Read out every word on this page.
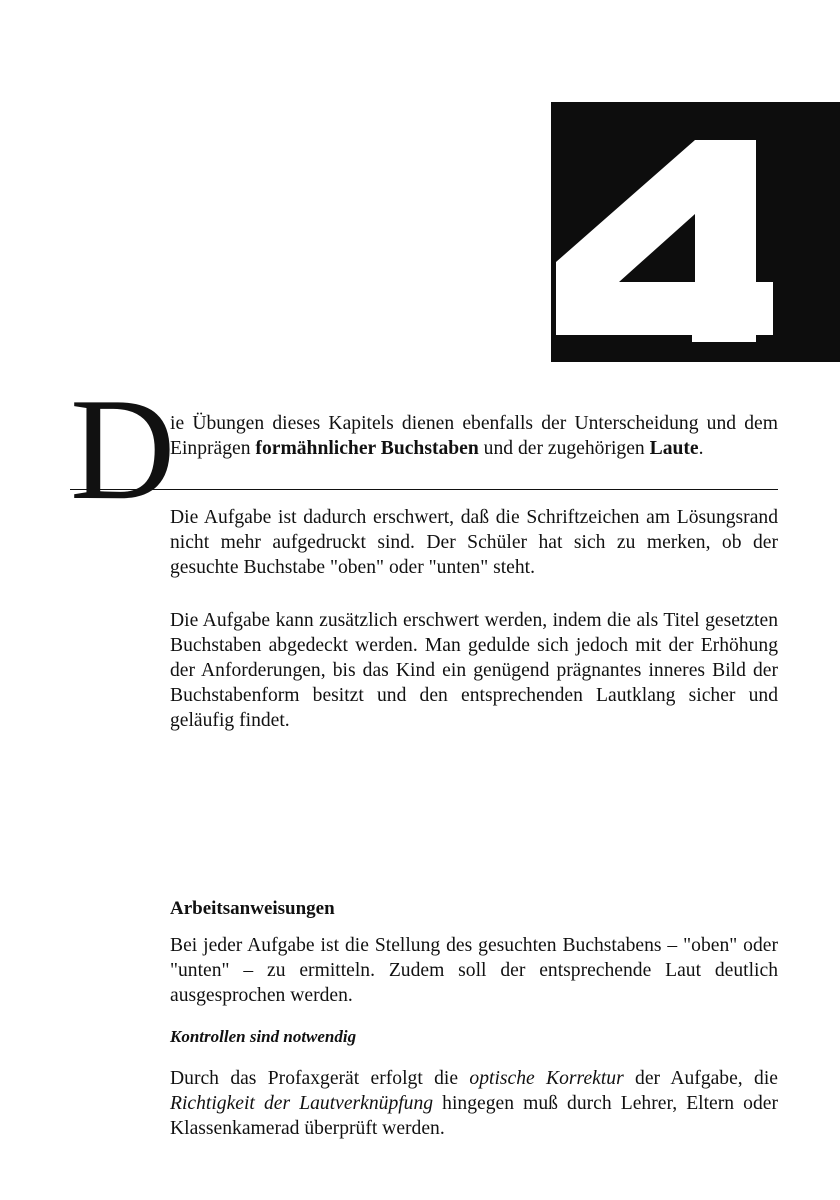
D
ie Übungen dieses Kapitels dienen ebenfalls der Unterscheidung und dem Einprägen formähnlicher Buchstaben und der zugehörigen Laute.

Die Aufgabe ist dadurch erschwert, daß die Schriftzeichen am Lösungsrand nicht mehr aufgedruckt sind. Der Schüler hat sich zu merken, ob der gesuchte Buchstabe "oben" oder "unten" steht.

Die Aufgabe kann zusätzlich erschwert werden, indem die als Titel gesetzten Buchstaben abgedeckt werden. Man gedulde sich jedoch mit der Erhöhung der Anforderungen, bis das Kind ein genügend prägnantes inneres Bild der Buchstabenform besitzt und den entsprechenden Lautklang sicher und geläufig findet.

Arbeitsanweisungen

Bei jeder Aufgabe ist die Stellung des gesuchten Buchstabens – "oben" oder "unten" – zu ermitteln. Zudem soll der entsprechende Laut deutlich ausgesprochen werden.

Kontrollen sind notwendig

Durch das Profaxgerät erfolgt die optische Korrektur der Aufgabe, die Richtigkeit der Lautverknüpfung hingegen muß durch Lehrer, Eltern oder Klassenkamerad überprüft werden.
